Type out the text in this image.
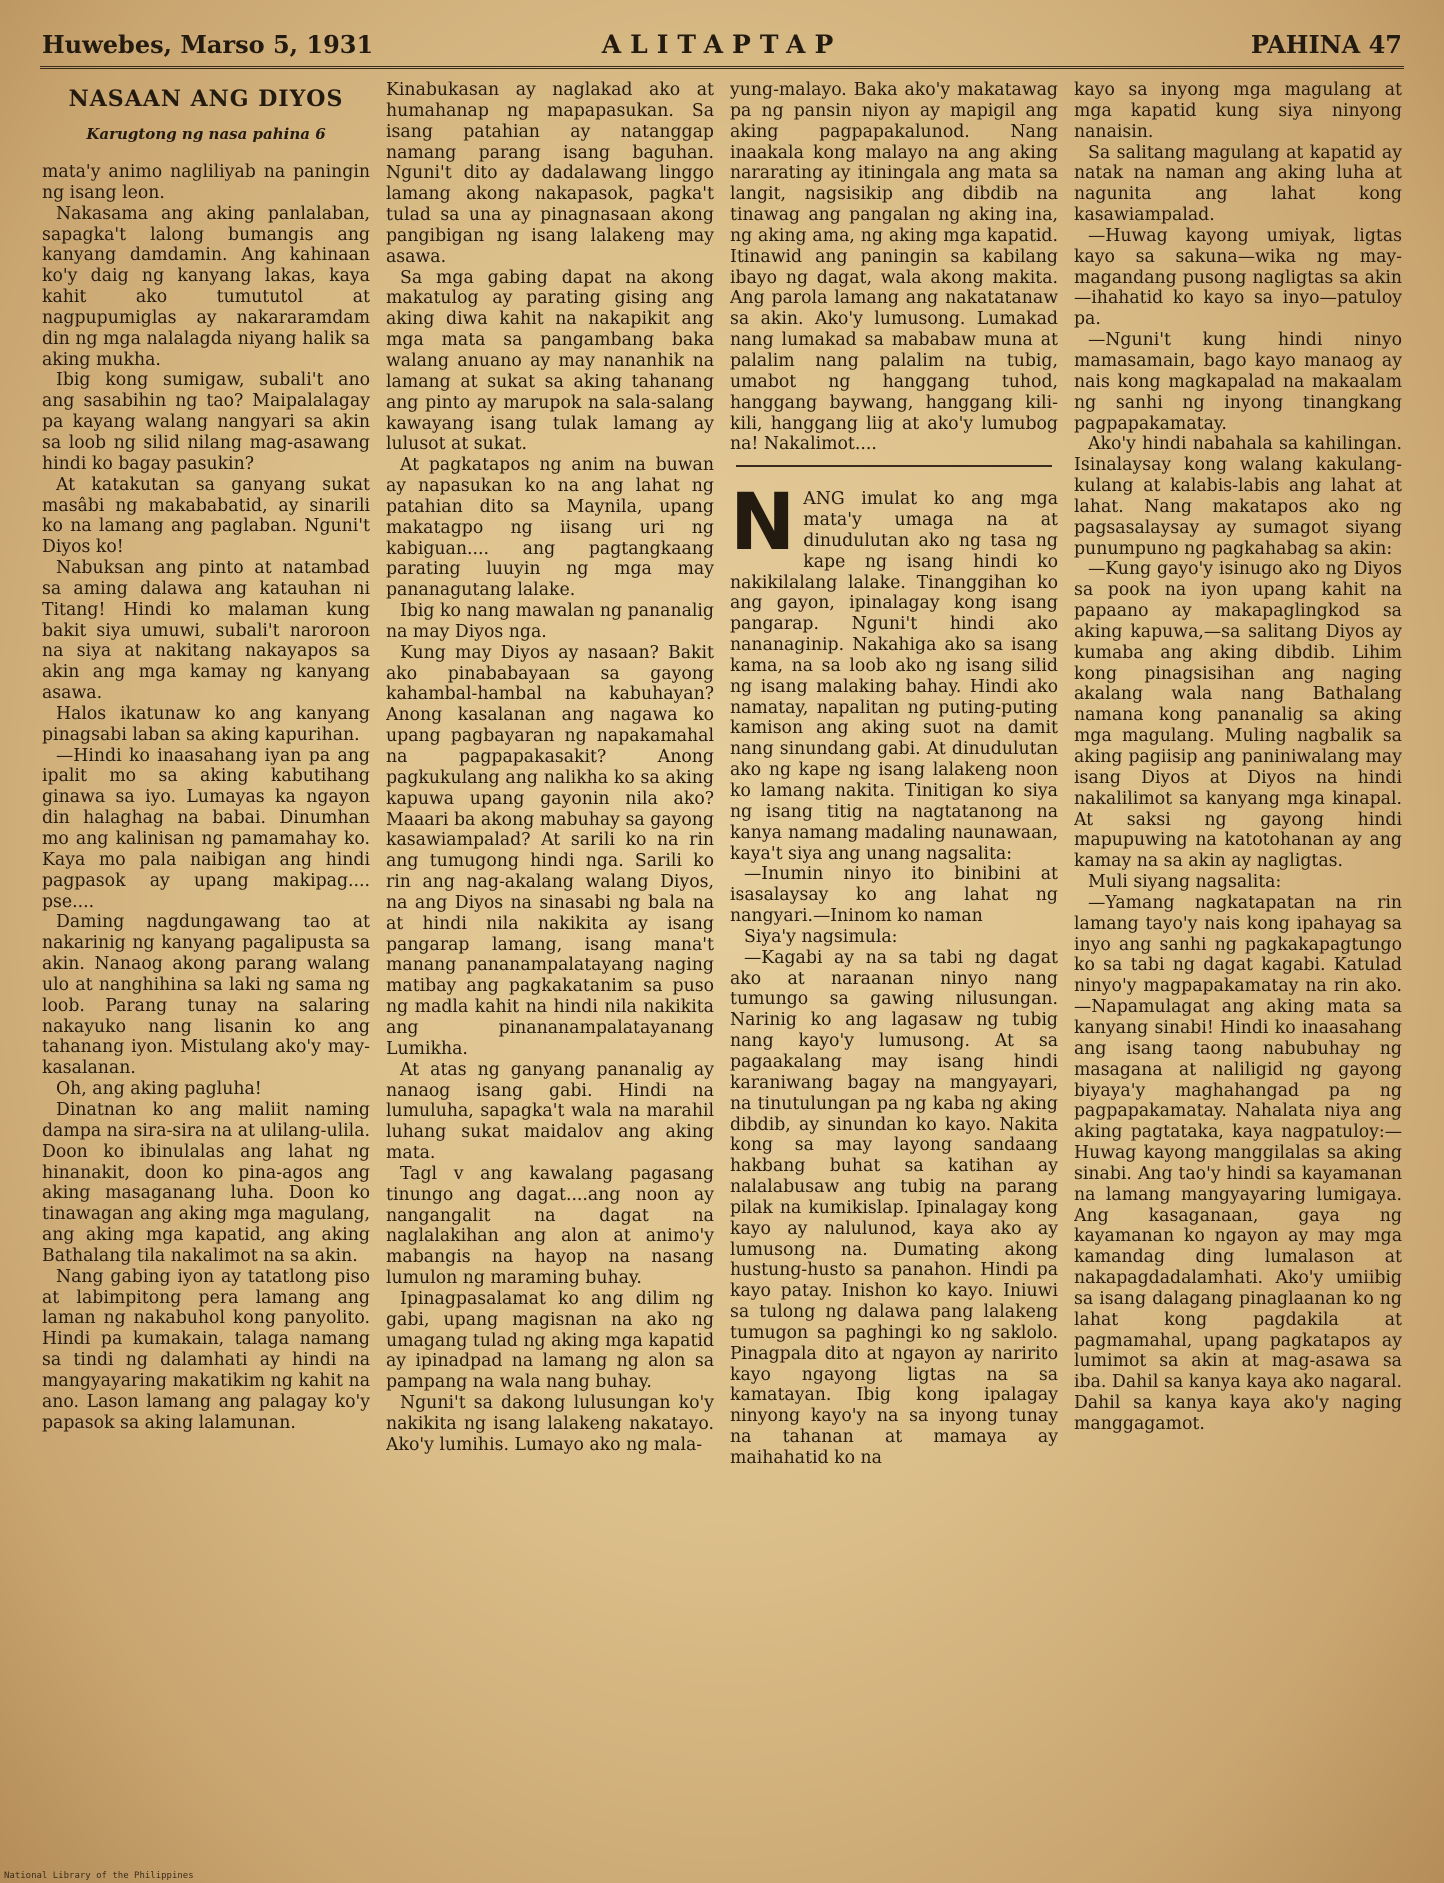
Huwebes, Marso 5, 1931	ALITAPTAP	PAHINA 47
NASAAN ANG DIYOS
Karugtong ng nasa pahina 6

mata'y animo nagliliyab na paningin ng isang leon.

Nakasama ang aking panlalaban, sapagka't lalong bumangis ang kanyang damdamin. Ang kahinaan ko'y daig ng kanyang lakas, kaya kahit ako tumututol at nagpupumiglas ay nakararamdam din ng mga nalalagda niyang halik sa aking mukha.

Ibig kong sumigaw, subali't ano ang sasabihin ng tao? Maipalalagay pa kayang walang nangyari sa akin sa loob ng silid nilang mag-asawang hindi ko bagay pasukin?

At katakutan sa ganyang sukat masâbi ng makababatid, ay sinarili ko na lamang ang paglaban. Nguni't Diyos ko!

Nabuksan ang pinto at natambad sa aming dalawa ang katauhan ni Titang! Hindi ko malaman kung bakit siya umuwi, subali't naroroon na siya at nakitang nakayapos sa akin ang mga kamay ng kanyang asawa.

Halos ikatunaw ko ang kanyang pinagsabi laban sa aking kapurihan.

—Hindi ko inaasahang iyan pa ang ipalit mo sa aking kabutihang ginawa sa iyo. Lumayas ka ngayon din halaghag na babai. Dinumhan mo ang kalinisan ng pamamahay ko. Kaya mo pala naibigan ang hindi pagpasok ay upang makipag.... pse....

Daming nagdungawang tao at nakarinig ng kanyang pagalipusta sa akin. Nanaog akong parang walang ulo at nanghihina sa laki ng sama ng loob. Parang tunay na salaring nakayuko nang lisanin ko ang tahanang iyon. Mistulang ako'y may-kasalanan.

Oh, ang aking pagluha!

Dinatnan ko ang maliit naming dampa na sira-sira na at ulilang-ulila. Doon ko ibinulalas ang lahat ng hinanakit, doon ko pina-agos ang aking masaganang luha. Doon ko tinawagan ang aking mga magulang, ang aking mga kapatid, ang aking Bathalang tila nakalimot na sa akin.

Nang gabing iyon ay tatatlong piso at labimpitong pera lamang ang laman ng nakabuhol kong panyolito. Hindi pa kumakain, talaga namang sa tindi ng dalamhati ay hindi na mangyayaring makatikim ng kahit na ano. Lason lamang ang palagay ko'y papasok sa aking lalamunan.

Kinabukasan ay naglakad ako at humahanap ng mapapasukan. Sa isang patahian ay natanggap namang parang isang baguhan. Nguni't dito ay dadalawang linggo lamang akong nakapasok, pagka't tulad sa una ay pinagnasaan akong pangibigan ng isang lalakeng may asawa.

Sa mga gabing dapat na akong makatulog ay parating gising ang aking diwa kahit na nakapikit ang mga mata sa pangambang baka walang anuano ay may nananhik na lamang at sukat sa aking tahanang ang pinto ay marupok na sala-salang kawayang isang tulak lamang ay lulusot at sukat.

At pagkatapos ng anim na buwan ay napasukan ko na ang lahat ng patahian dito sa Maynila, upang makatagpo ng iisang uri ng kabiguan.... ang pagtangkaang parating luuyin ng mga may pananagutang lalake.

Ibig ko nang mawalan ng pananalig na may Diyos nga.

Kung may Diyos ay nasaan? Bakit ako pinababayaan sa gayong kahambal-hambal na kabuhayan? Anong kasalanan ang nagawa ko upang pagbayaran ng napakamahal na pagpapakasakit? Anong pagkukulang ang nalikha ko sa aking kapuwa upang gayonin nila ako? Maaari ba akong mabuhay sa gayong kasawiampalad? At sarili ko na rin ang tumugong hindi nga. Sarili ko rin ang nag-akalang walang Diyos, na ang Diyos na sinasabi ng bala na at hindi nila nakikita ay isang pangarap lamang, isang mana't manang pananampalatayang naging matibay ang pagkakatanim sa puso ng madla kahit na hindi nila nakikita ang pinananampalatayanang Lumikha.

At atas ng ganyang pananalig ay nanaog isang gabi. Hindi na lumuluha, sapagka't wala na marahil luhang sukat maidalov ang aking mata.

Tagl v ang kawalang pagasang tinungo ang dagat....ang noon ay nangangalit na dagat na naglalakihan ang alon at animo'y mabangis na hayop na nasang lumulon ng maraming buhay.

Ipinagpasalamat ko ang dilim ng gabi, upang magisnan na ako ng umagang tulad ng aking mga kapatid ay ipinadpad na lamang ng alon sa pampang na wala nang buhay.

Nguni't sa dakong lulusungan ko'y nakikita ng isang lalakeng nakatayo. Ako'y lumihis. Lumayo ako ng mala-

yung-malayo. Baka ako'y makatawag pa ng pansin niyon ay mapigil ang aking pagpapakalunod. Nang inaakala kong malayo na ang aking nararating ay itiningala ang mata sa langit, nagsisikip ang dibdib na tinawag ang pangalan ng aking ina, ng aking ama, ng aking mga kapatid. Itinawid ang paningin sa kabilang ibayo ng dagat, wala akong makita. Ang parola lamang ang nakatatanaw sa akin. Ako'y lumusong. Lumakad nang lumakad sa mababaw muna at palalim nang palalim na tubig, umabot ng hanggang tuhod, hanggang baywang, hanggang kili-kili, hanggang liig at ako'y lumubog na! Nakalimot....

NANG imulat ko ang mga mata'y umaga na at dinudulutan ako ng tasa ng kape ng isang hindi ko nakikilalang lalake. Tinanggihan ko ang gayon, ipinalagay kong isang pangarap. Nguni't hindi ako nananaginip. Nakahiga ako sa isang kama, na sa loob ako ng isang silid ng isang malaking bahay. Hindi ako namatay, napalitan ng puting-puting kamison ang aking suot na damit nang sinundang gabi. At dinudulutan ako ng kape ng isang lalakeng noon ko lamang nakita. Tinitigan ko siya ng isang titig na nagtatanong na kanya namang madaling naunawaan, kaya't siya ang unang nagsalita:

—Inumin ninyo ito binibini at isasalaysay ko ang lahat ng nangyari.—Ininom ko naman

Siya'y nagsimula:

—Kagabi ay na sa tabi ng dagat ako at naraanan ninyo nang tumungo sa gawing nilusungan. Narinig ko ang lagasaw ng tubig nang kayo'y lumusong. At sa pagaakalang may isang hindi karaniwang bagay na mangyayari, na tinutulungan pa ng kaba ng aking dibdib, ay sinundan ko kayo. Nakita kong sa may layong sandaang hakbang buhat sa katihan ay nalalabusaw ang tubig na parang pilak na kumikislap. Ipinalagay kong kayo ay nalulunod, kaya ako ay lumusong na. Dumating akong hustung-husto sa panahon. Hindi pa kayo patay. Inishon ko kayo. Iniuwi sa tulong ng dalawa pang lalakeng tumugon sa paghingi ko ng saklolo. Pinagpala dito at ngayon ay naririto kayo ngayong ligtas na sa kamatayan. Ibig kong ipalagay ninyong kayo'y na sa inyong tunay na tahanan at mamaya ay maihahatid ko na

kayo sa inyong mga magulang at mga kapatid kung siya ninyong nanaisin.

Sa salitang magulang at kapatid ay natak na naman ang aking luha at nagunita ang lahat kong kasawiampalad.

—Huwag kayong umiyak, ligtas kayo sa sakuna—wika ng may-magandang pusong nagligtas sa akin—ihahatid ko kayo sa inyo—patuloy pa.

—Nguni't kung hindi ninyo mamasamain, bago kayo manaog ay nais kong magkapalad na makaalam ng sanhi ng inyong tinangkang pagpapakamatay.

Ako'y hindi nabahala sa kahilingan. Isinalaysay kong walang kakulang-kulang at kalabis-labis ang lahat at lahat. Nang makatapos ako ng pagsasalaysay ay sumagot siyang punumpuno ng pagkahabag sa akin:

—Kung gayo'y isinugo ako ng Diyos sa pook na iyon upang kahit na papaano ay makapaglingkod sa aking kapuwa,—sa salitang Diyos ay kumaba ang aking dibdib. Lihim kong pinagsisihan ang naging akalang wala nang Bathalang namana kong pananalig sa aking mga magulang. Muling nagbalik sa aking pagiisip ang paniniwalang may isang Diyos at Diyos na hindi nakalilimot sa kanyang mga kinapal. At saksi ng gayong hindi mapupuwing na katotohanan ay ang kamay na sa akin ay nagligtas.

Muli siyang nagsalita:

—Yamang nagkatapatan na rin lamang tayo'y nais kong ipahayag sa inyo ang sanhi ng pagkakapagtungo ko sa tabi ng dagat kagabi. Katulad ninyo'y magpapakamatay na rin ako. —Napamulagat ang aking mata sa kanyang sinabi! Hindi ko inaasahang ang isang taong nabubuhay ng masagana at naliligid ng gayong biyaya'y maghahangad pa ng pagpapakamatay. Nahalata niya ang aking pagtataka, kaya nagpatuloy:—Huwag kayong manggilalas sa aking sinabi. Ang tao'y hindi sa kayamanan na lamang mangyayaring lumigaya. Ang kasaganaan, gaya ng kayamanan ko ngayon ay may mga kamandag ding lumalason at nakapagdadalamhati. Ako'y umiibig sa isang dalagang pinaglaanan ko ng lahat kong pagdakila at pagmamahal, upang pagkatapos ay lumimot sa akin at mag-asawa sa iba. Dahil sa kanya kaya ako nagaral. Dahil sa kanya kaya ako'y naging manggagamot.

National Library of the Philippines
